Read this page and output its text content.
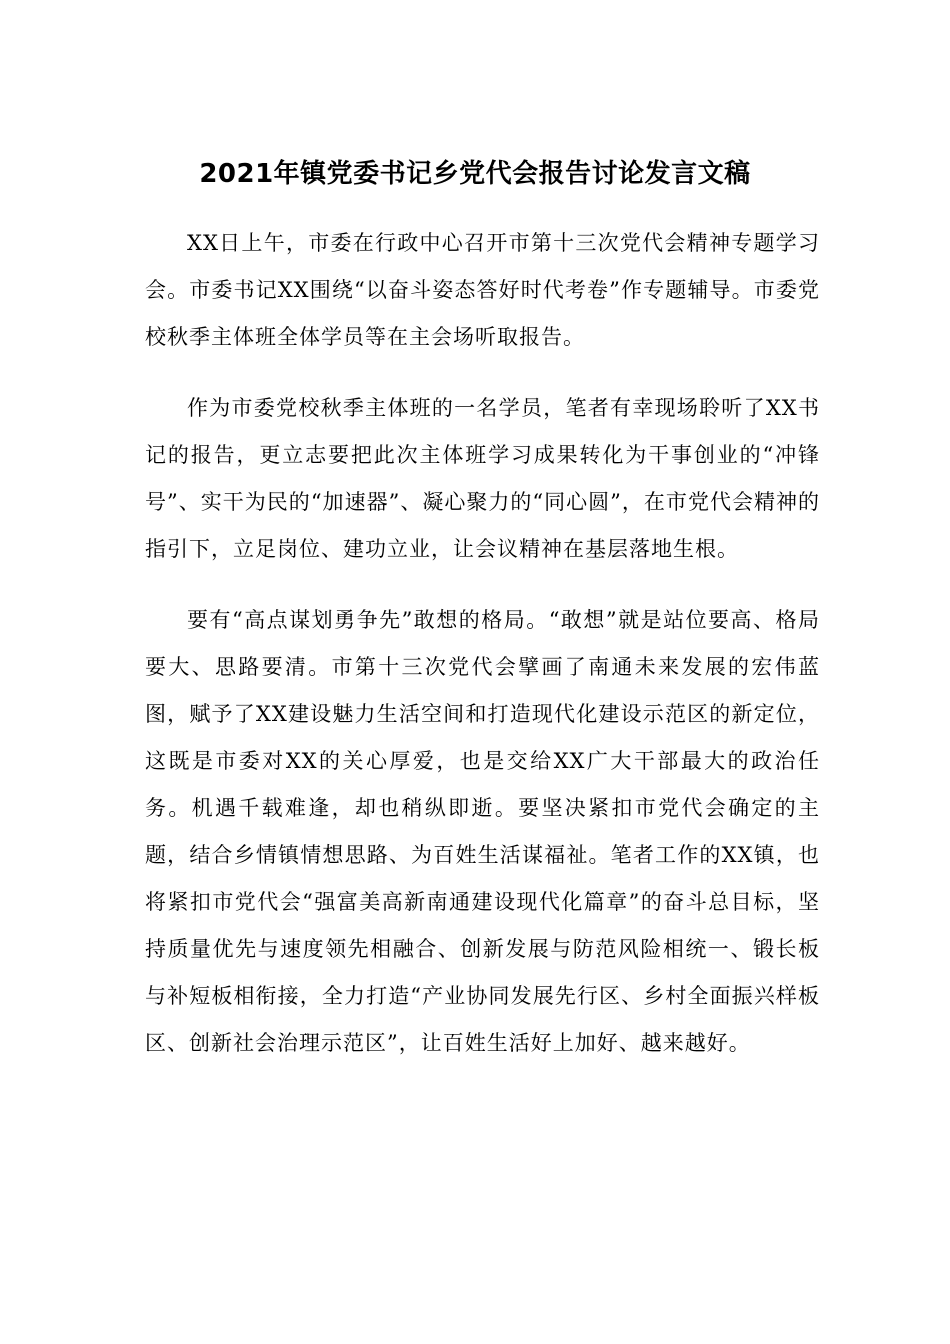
2021年镇党委书记乡党代会报告讨论发言文稿

XX日上午，市委在行政中心召开市第十三次党代会精神专题学习会。市委书记XX围绕“以奋斗姿态答好时代考卷”作专题辅导。市委党校秋季主体班全体学员等在主会场听取报告。

作为市委党校秋季主体班的一名学员，笔者有幸现场聆听了XX书记的报告，更立志要把此次主体班学习成果转化为干事创业的“冲锋号”、实干为民的“加速器”、凝心聚力的“同心圆”，在市党代会精神的指引下，立足岗位、建功立业，让会议精神在基层落地生根。

要有“高点谋划勇争先”敢想的格局。“敢想”就是站位要高、格局要大、思路要清。市第十三次党代会擘画了南通未来发展的宏伟蓝图，赋予了XX建设魅力生活空间和打造现代化建设示范区的新定位，这既是市委对XX的关心厚爱，也是交给XX广大干部最大的政治任务。机遇千载难逢，却也稍纵即逝。要坚决紧扣市党代会确定的主题，结合乡情镇情想思路、为百姓生活谋福祉。笔者工作的XX镇，也将紧扣市党代会“强富美高新南通建设现代化篇章”的奋斗总目标，坚持质量优先与速度领先相融合、创新发展与防范风险相统一、锻长板与补短板相衔接，全力打造“产业协同发展先行区、乡村全面振兴样板区、创新社会治理示范区”，让百姓生活好上加好、越来越好。
